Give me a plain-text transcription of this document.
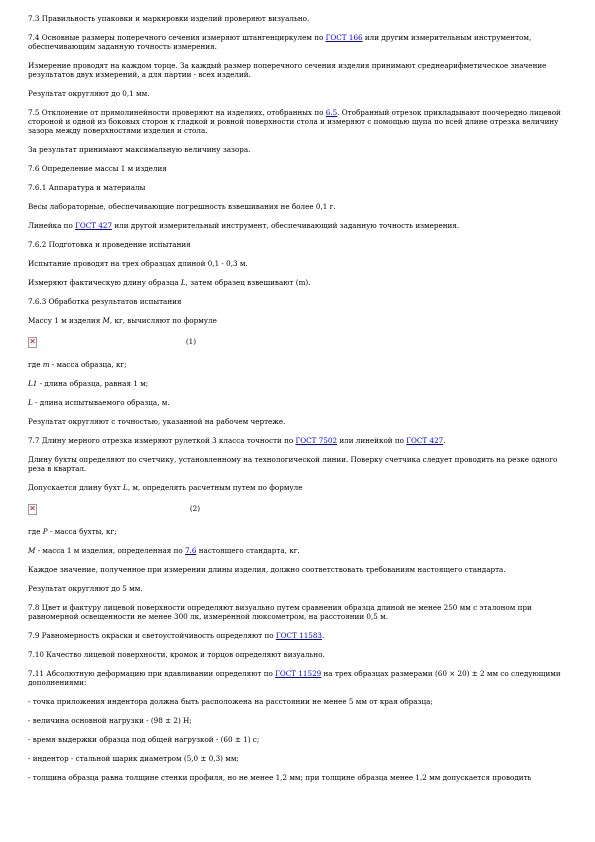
7.3 Правильность упаковки и маркировки изделий проверяют визуально.

7.4 Основные размеры поперечного сечения измеряют штангенциркулем по ГОСТ 166 или другим измерительным инструментом, обеспечивающим заданную точность измерения.

Измерение проводят на каждом торце. За каждый размер поперечного сечения изделия принимают среднеарифметическое значение результатов двух измерений, а для партии - всех изделий.

Результат округляют до 0,1 мм.

7.5 Отклонение от прямолинейности проверяют на изделиях, отобранных по 6.5. Отобранный отрезок прикладывают поочередно лицевой стороной и одной из боковых сторон к гладкой и ровной поверхности стола и измеряют с помощью щупа по всей длине отрезка величину зазора между поверхностями изделия и стола.

За результат принимают максимальную величину зазора.

7.6 Определение массы 1 м изделия

7.6.1 Аппаратура и материалы

Весы лабораторные, обеспечивающие погрешность взвешивания не более 0,1 г.

Линейка по ГОСТ 427 или другой измерительный инструмент, обеспечивающий заданную точность измерения.

7.6.2 Подготовка и проведение испытания

Испытание проводят на трех образцах длиной 0,1 - 0,3 м.

Измеряют фактическую длину образца L, затем образец взвешивают (m).

7.6.3 Обработка результатов испытания

Массу 1 м изделия M, кг, вычисляют по формуле

✕	(1)

где m - масса образца, кг;

L1 - длина образца, равная 1 м;

L - длина испытываемого образца, м.

Результат округляют с точностью, указанной на рабочем чертеже.

7.7 Длину мерного отрезка измеряют рулеткой 3 класса точности по ГОСТ 7502 или линейкой по ГОСТ 427.

Длину бухты определяют по счетчику, установленному на технологической линии. Поверку счетчика следует проводить на резке одного реза в квартал.

Допускается длину бухт L, м, определять расчетным путем по формуле

✕	(2)

где P - масса бухты, кг;

M - масса 1 м изделия, определенная по 7.6 настоящего стандарта, кг.

Каждое значение, полученное при измерении длины изделия, должно соответствовать требованиям настоящего стандарта.

Результат округляют до 5 мм.

7.8 Цвет и фактуру лицевой поверхности определяют визуально путем сравнения образца длиной не менее 250 мм с эталоном при равномерной освещенности не менее 300 лк, измеренной люксометром, на расстоянии 0,5 м.

7.9 Равномерность окраски и светоустойчивость определяют по ГОСТ 11583.

7.10 Качество лицевой поверхности, кромок и торцов определяют визуально.

7.11 Абсолютную деформацию при вдавливании определяют по ГОСТ 11529 на трех образцах размерами (60 × 20) ± 2 мм со следующими дополнениями:

- точка приложения индентора должна быть расположена на расстоянии не менее 5 мм от края образца;

- величина основной нагрузки - (98 ± 2) Н;

- время выдержки образца под общей нагрузкой - (60 ± 1) с;

- индентор - стальной шарик диаметром (5,0 ± 0,3) мм;

- толщина образца равна толщине стенки профиля, но не менее 1,2 мм; при толщине образца менее 1,2 мм допускается проводить
